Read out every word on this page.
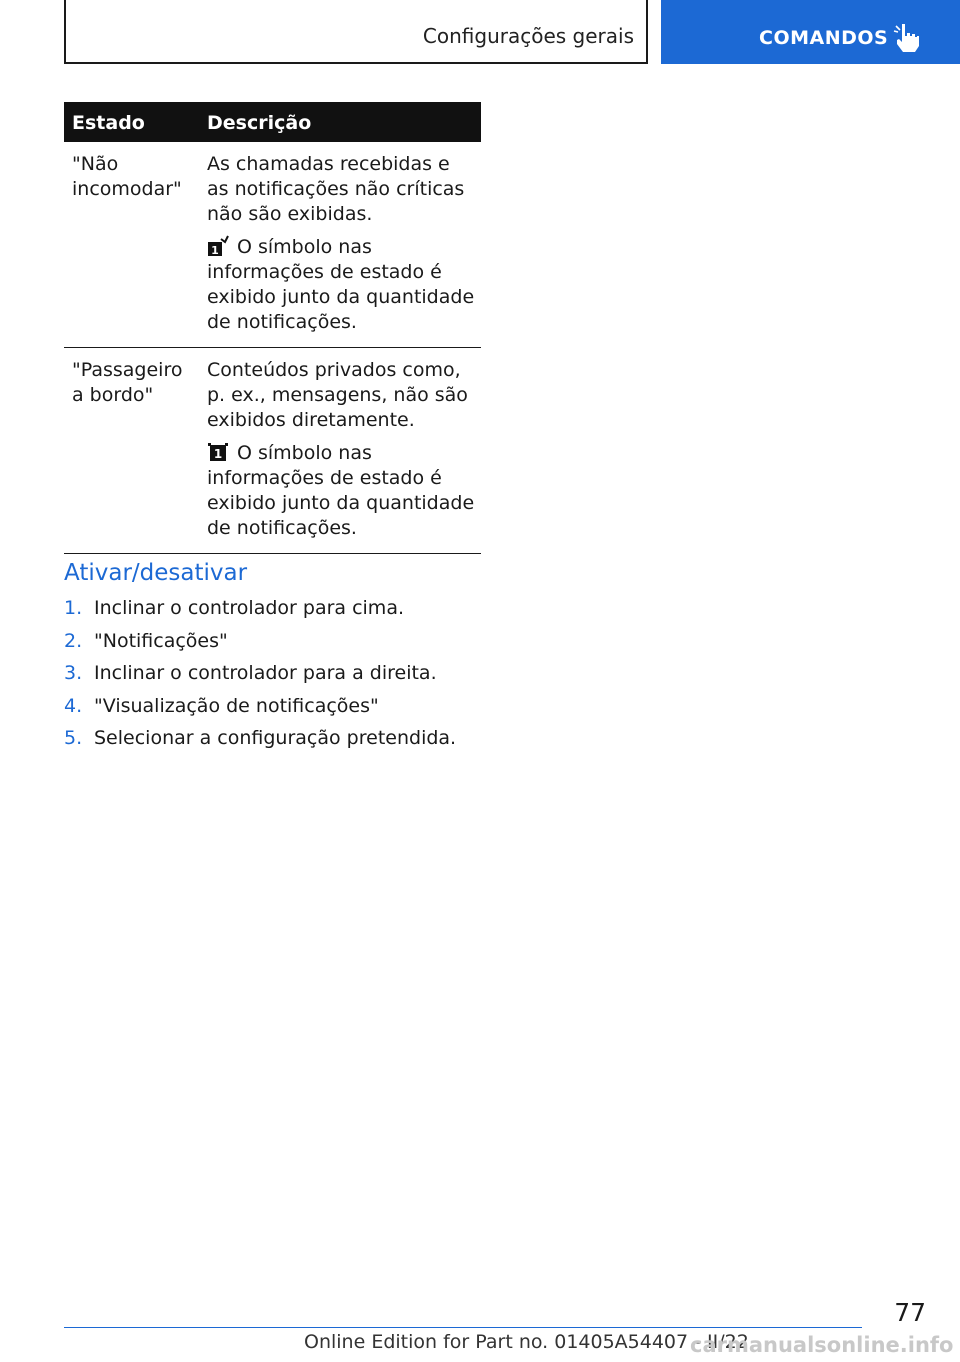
Configurações gerais	COMANDOS
Estado	Descrição
"Não incomodar"

As chamadas recebidas e as notificações não críticas não são exibidas.

1 O símbolo nas informações de estado é exibido junto da quantidade de notificações.

"Passageiro a bordo"

Conteúdos privados como, p. ex., mensagens, não são exibidos diretamente.

1 O símbolo nas informações de estado é exibido junto da quantidade de notificações.

Ativar/desativar
1. Inclinar o controlador para cima.
2. "Notificações"
3. Inclinar o controlador para a direita.
4. "Visualização de notificações"
5. Selecionar a configuração pretendida.
77
Online Edition for Part no. 01405A54407 - II/22
carmanualsonline.info
